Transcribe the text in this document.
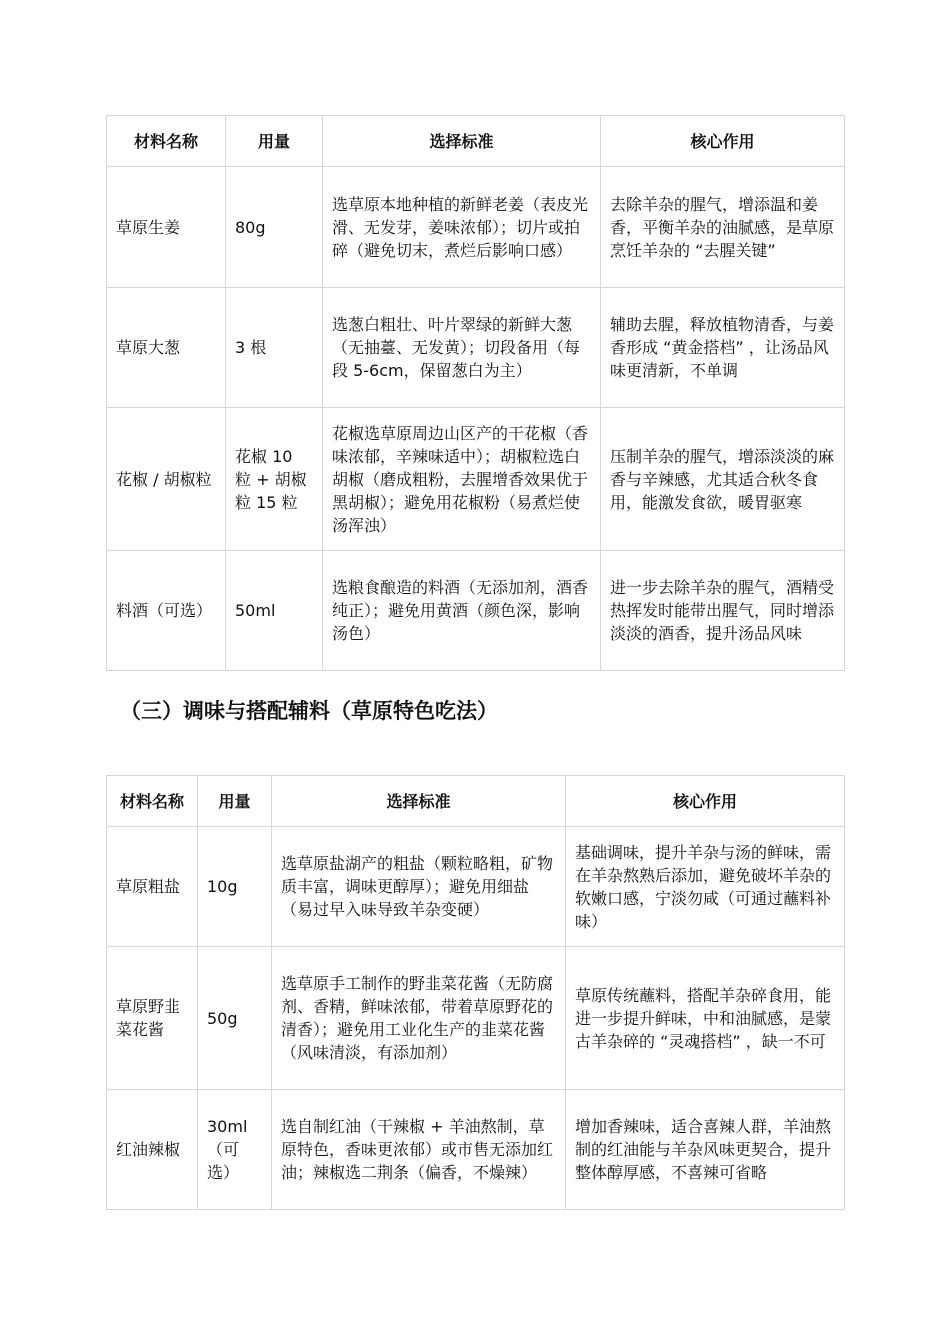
材料名称	用量	选择标准	核心作用
草原生姜	80g	选草原本地种植的新鲜老姜（表皮光滑、无发芽，姜味浓郁）；切片或拍碎（避免切末，煮烂后影响口感）	去除羊杂的腥气，增添温和姜香，平衡羊杂的油腻感，是草原烹饪羊杂的 “去腥关键”
草原大葱	3 根	选葱白粗壮、叶片翠绿的新鲜大葱（无抽薹、无发黄）；切段备用（每段 5-6cm，保留葱白为主）	辅助去腥，释放植物清香，与姜香形成 “黄金搭档” ，让汤品风味更清新，不单调
花椒 / 胡椒粒	花椒 10 粒 + 胡椒粒 15 粒	花椒选草原周边山区产的干花椒（香味浓郁，辛辣味适中）；胡椒粒选白胡椒（磨成粗粉，去腥增香效果优于黑胡椒）；避免用花椒粉（易煮烂使汤浑浊）	压制羊杂的腥气，增添淡淡的麻香与辛辣感，尤其适合秋冬食用，能激发食欲，暖胃驱寒
料酒（可选）	50ml	选粮食酿造的料酒（无添加剂，酒香纯正）；避免用黄酒（颜色深，影响汤色）	进一步去除羊杂的腥气，酒精受热挥发时能带出腥气，同时增添淡淡的酒香，提升汤品风味
（三）调味与搭配辅料（草原特色吃法）
材料名称	用量	选择标准	核心作用
草原粗盐	10g	选草原盐湖产的粗盐（颗粒略粗，矿物质丰富，调味更醇厚）；避免用细盐（易过早入味导致羊杂变硬）	基础调味，提升羊杂与汤的鲜味，需在羊杂熬熟后添加，避免破坏羊杂的软嫩口感，宁淡勿咸（可通过蘸料补味）
草原野韭菜花酱	50g	选草原手工制作的野韭菜花酱（无防腐剂、香精，鲜味浓郁，带着草原野花的清香）；避免用工业化生产的韭菜花酱（风味清淡，有添加剂）	草原传统蘸料，搭配羊杂碎食用，能进一步提升鲜味，中和油腻感，是蒙古羊杂碎的 “灵魂搭档” ，缺一不可
红油辣椒	30ml（可选）	选自制红油（干辣椒 + 羊油熬制，草原特色，香味更浓郁）或市售无添加红油；辣椒选二荆条（偏香，不燥辣）	增加香辣味，适合喜辣人群，羊油熬制的红油能与羊杂风味更契合，提升整体醇厚感，不喜辣可省略
